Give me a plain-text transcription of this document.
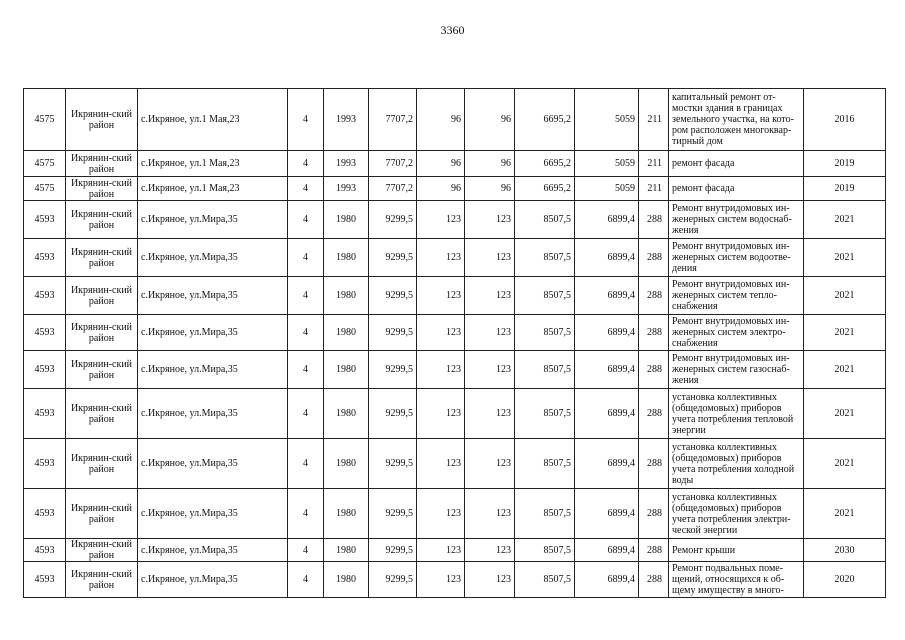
3360
4575	Икрянин-ский район	с.Икряное, ул.1 Мая,23	4	1993	7707,2	96	96	6695,2	5059	211	капитальный ремонт от-мостки здания в границах земельного участка, на кото-ром расположен многоквар-тирный дом	2016
4575	Икрянин-ский район	с.Икряное, ул.1 Мая,23	4	1993	7707,2	96	96	6695,2	5059	211	ремонт фасада	2019
4575	Икрянин-ский район	с.Икряное, ул.1 Мая,23	4	1993	7707,2	96	96	6695,2	5059	211	ремонт фасада	2019
4593	Икрянин-ский район	с.Икряное, ул.Мира,35	4	1980	9299,5	123	123	8507,5	6899,4	288	Ремонт внутридомовых ин-женерных систем водоснаб-жения	2021
4593	Икрянин-ский район	с.Икряное, ул.Мира,35	4	1980	9299,5	123	123	8507,5	6899,4	288	Ремонт внутридомовых ин-женерных систем водоотве-дения	2021
4593	Икрянин-ский район	с.Икряное, ул.Мира,35	4	1980	9299,5	123	123	8507,5	6899,4	288	Ремонт внутридомовых ин-женерных систем тепло-снабжения	2021
4593	Икрянин-ский район	с.Икряное, ул.Мира,35	4	1980	9299,5	123	123	8507,5	6899,4	288	Ремонт внутридомовых ин-женерных систем электро-снабжения	2021
4593	Икрянин-ский район	с.Икряное, ул.Мира,35	4	1980	9299,5	123	123	8507,5	6899,4	288	Ремонт внутридомовых ин-женерных систем газоснаб-жения	2021
4593	Икрянин-ский район	с.Икряное, ул.Мира,35	4	1980	9299,5	123	123	8507,5	6899,4	288	установка коллективных (общедомовых) приборов учета потребления тепловой энергии	2021
4593	Икрянин-ский район	с.Икряное, ул.Мира,35	4	1980	9299,5	123	123	8507,5	6899,4	288	установка коллективных (общедомовых) приборов учета потребления холодной воды	2021
4593	Икрянин-ский район	с.Икряное, ул.Мира,35	4	1980	9299,5	123	123	8507,5	6899,4	288	установка коллективных (общедомовых) приборов учета потребления электри-ческой энергии	2021
4593	Икрянин-ский район	с.Икряное, ул.Мира,35	4	1980	9299,5	123	123	8507,5	6899,4	288	Ремонт крыши	2030
4593	Икрянин-ский район	с.Икряное, ул.Мира,35	4	1980	9299,5	123	123	8507,5	6899,4	288	Ремонт подвальных поме-щений, относящихся к об-щему имуществу в много-	2020
